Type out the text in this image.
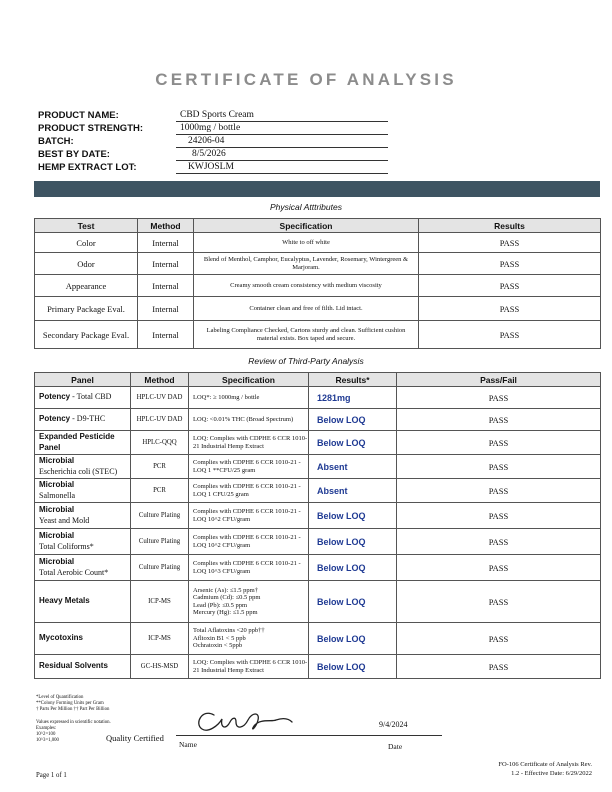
CERTIFICATE OF ANALYSIS
PRODUCT NAME:	CBD Sports Cream
PRODUCT STRENGTH:	1000mg / bottle
BATCH:	24206-04
BEST BY DATE:	8/5/2026
HEMP EXTRACT LOT:	KWJOSLM
Physical Atttributes
Test	Method	Specification	Results
Color	Internal	White to off white	PASS
Odor	Internal	Blend of Menthol, Camphor, Eucalyptus, Lavender, Rosemary, Wintergreen & Marjoram.	PASS
Appearance	Internal	Creamy smooth cream consistency with medium viscosity	PASS
Primary Package Eval.	Internal	Container clean and free of filth. Lid intact.	PASS
Secondary Package Eval.	Internal	Labeling Compliance Checked, Cartons sturdy and clean. Sufficient cushion material exists. Box taped and secure.	PASS
Review of Third-Party Analysis
Panel	Method	Specification	Results*	Pass/Fail
Potency - Total CBD	HPLC-UV DAD	LOQ*: ≥ 1000mg / bottle	1281mg	PASS
Potency - D9-THC	HPLC-UV DAD	LOQ: <0.01% THC (Broad Spectrum)	Below LOQ	PASS
Expanded Pesticide Panel	HPLC-QQQ	LOQ: Complies with CDPHE 6 CCR 1010-21 Industrial Hemp Extract	Below LOQ	PASS
Microbial
Escherichia coli (STEC)	PCR	Complies with CDPHE 6 CCR 1010-21 - LOQ 1 **CFU/25 gram	Absent	PASS
Microbial
Salmonella	PCR	Complies with CDPHE 6 CCR 1010-21 - LOQ 1 CFU/25 gram	Absent	PASS
Microbial
Yeast and Mold	Culture Plating	Complies with CDPHE 6 CCR 1010-21 - LOQ 10^2 CFU/gram	Below LOQ	PASS
Microbial
Total Coliforms*	Culture Plating	Complies with CDPHE 6 CCR 1010-21 - LOQ 10^2 CFU/gram	Below LOQ	PASS
Microbial
Total Aerobic Count*	Culture Plating	Complies with CDPHE 6 CCR 1010-21 - LOQ 10^3 CFU/gram	Below LOQ	PASS
Heavy Metals	ICP-MS	Arsenic (As): ≤1.5 ppm†
Cadmium (Cd): ≤0.5 ppm
Lead (Pb): ≤0.5 ppm
Mercury (Hg): ≤1.5 ppm	Below LOQ	PASS
Mycotoxins	ICP-MS	Total Aflatoxins <20 ppb††
Afltoxin B1 < 5 ppb
Ochratoxin < 5ppb	Below LOQ	PASS
Residual Solvents	GC-HS-MSD	LOQ: Complies with CDPHE 6 CCR 1010-21 Industrial Hemp Extract	Below LOQ	PASS
*Level of Quantification
**Colony Forming Units per Gram
† Parts Per Million †† Part Per Billion
Values expressed in scientific notation.
Examples:
10^2=100
10^3=1,000	Quality Certified
Name
9/4/2024
Date
Page 1 of 1
FO-106 Certificate of Analysis Rev.
1.2 - Effective Date: 6/29/2022
